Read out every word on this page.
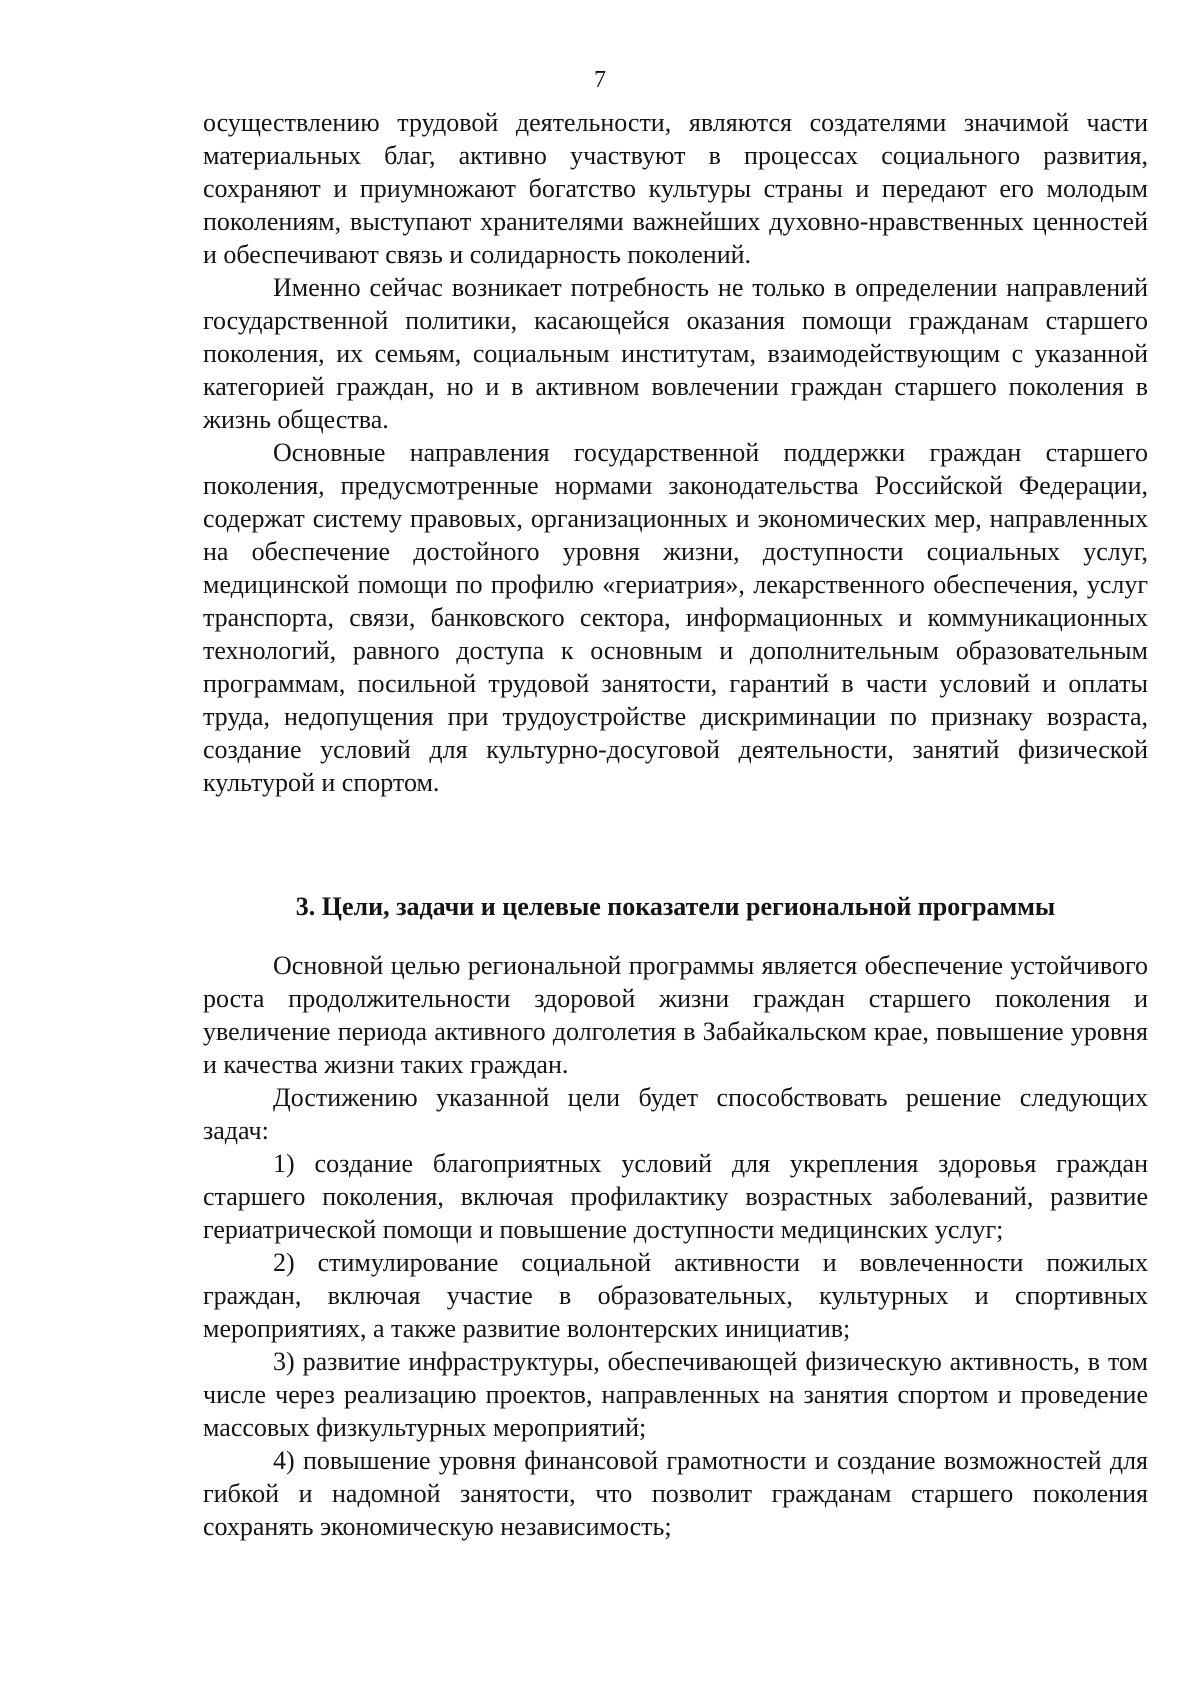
7

осуществлению трудовой деятельности, являются создателями значимой части материальных благ, активно участвуют в процессах социального развития, сохраняют и приумножают богатство культуры страны и передают его молодым поколениям, выступают хранителями важнейших духовно-нравственных ценностей и обеспечивают связь и солидарность поколений.

Именно сейчас возникает потребность не только в определении направлений государственной политики, касающейся оказания помощи гражданам старшего поколения, их семьям, социальным институтам, взаимодействующим с указанной категорией граждан, но и в активном вовлечении граждан старшего поколения в жизнь общества.

Основные направления государственной поддержки граждан старшего поколения, предусмотренные нормами законодательства Российской Федерации, содержат систему правовых, организационных и экономических мер, направленных на обеспечение достойного уровня жизни, доступности социальных услуг, медицинской помощи по профилю «гериатрия», лекарственного обеспечения, услуг транспорта, связи, банковского сектора, информационных и коммуникационных технологий, равного доступа к основным и дополнительным образовательным программам, посильной трудовой занятости, гарантий в части условий и оплаты труда, недопущения при трудоустройстве дискриминации по признаку возраста, создание условий для культурно-досуговой деятельности, занятий физической культурой и спортом.

3. Цели, задачи и целевые показатели региональной программы

Основной целью региональной программы является обеспечение устойчивого роста продолжительности здоровой жизни граждан старшего поколения и увеличение периода активного долголетия в Забайкальском крае, повышение уровня и качества жизни таких граждан.

Достижению указанной цели будет способствовать решение следующих задач:

1) создание благоприятных условий для укрепления здоровья граждан старшего поколения, включая профилактику возрастных заболеваний, развитие гериатрической помощи и повышение доступности медицинских услуг;

2) стимулирование социальной активности и вовлеченности пожилых граждан, включая участие в образовательных, культурных и спортивных мероприятиях, а также развитие волонтерских инициатив;

3) развитие инфраструктуры, обеспечивающей физическую активность, в том числе через реализацию проектов, направленных на занятия спортом и проведение массовых физкультурных мероприятий;

4) повышение уровня финансовой грамотности и создание возможностей для гибкой и надомной занятости, что позволит гражданам старшего поколения сохранять экономическую независимость;
